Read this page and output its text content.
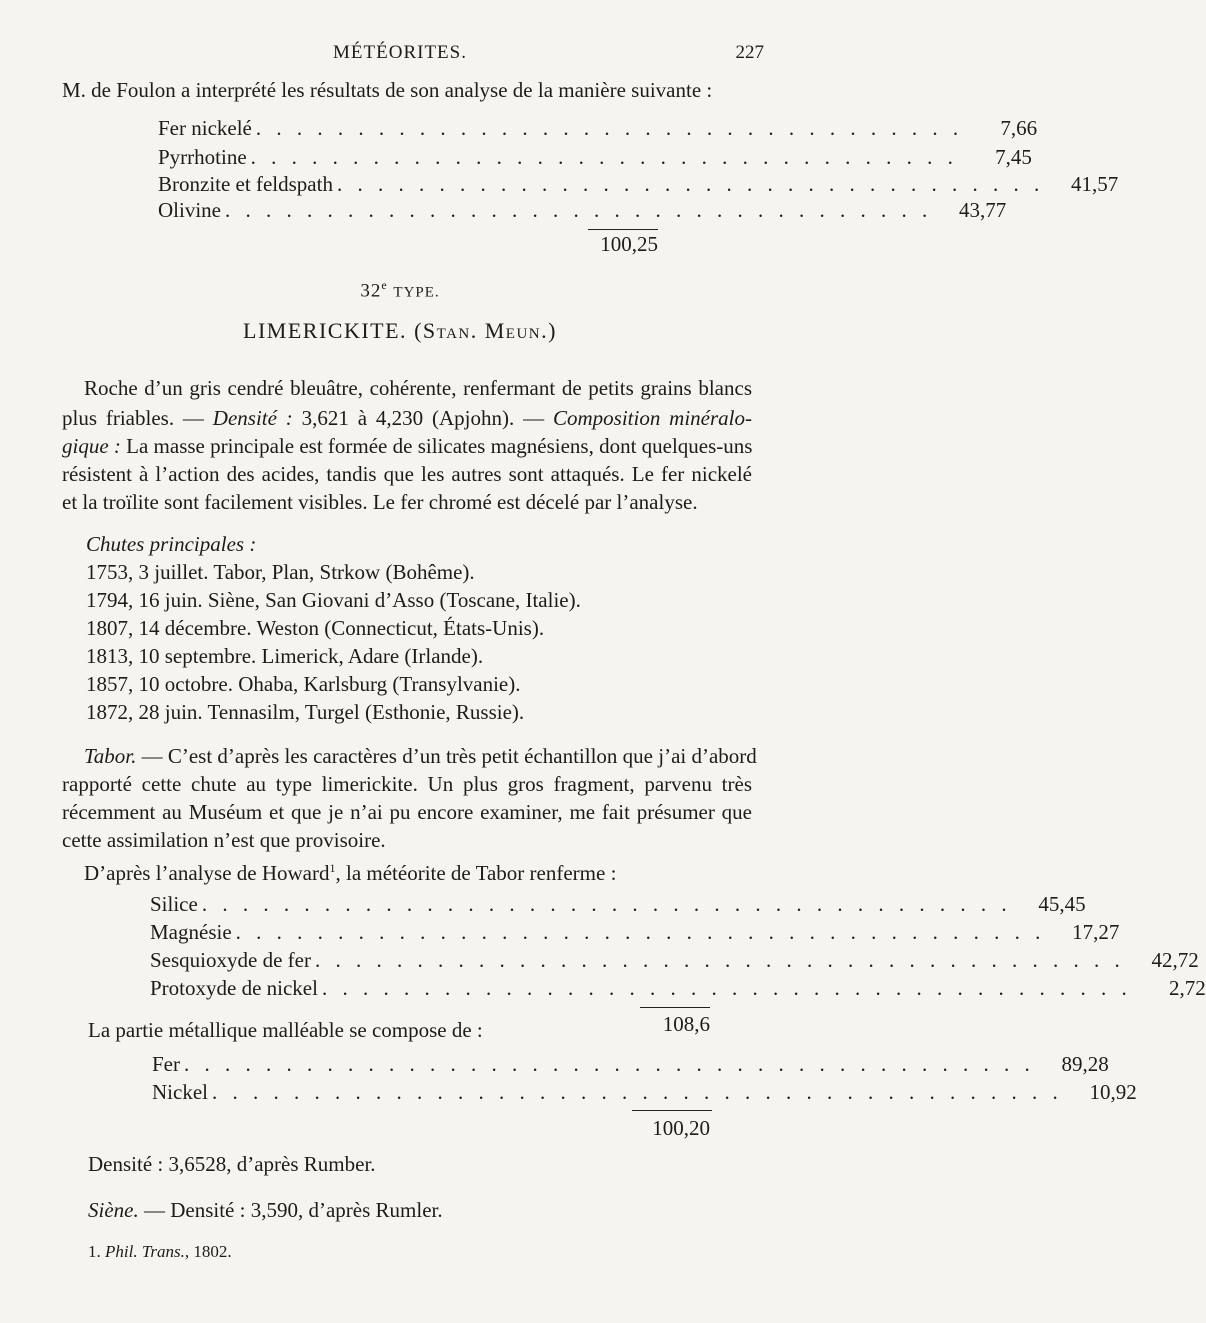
MÉTÉORITES.	227
M. de Foulon a interprété les résultats de son analyse de la manière suivante :
Fer nickelé . . . . . . . . . . . . . . . . . . . . . . . . . . . . . . . . . . .	7,66
Pyrrhotine . . . . . . . . . . . . . . . . . . . . . . . . . . . . . . . . . . .	7,45
Bronzite et feldspath . . . . . . . . . . . . . . . . . . . . . . . . . . . . . . . . . . .	41,57
Olivine . . . . . . . . . . . . . . . . . . . . . . . . . . . . . . . . . . .	43,77
100,25
32e TYPE.
LIMERICKITE. (Stan. Meun.)
Roche d’un gris cendré bleuâtre, cohérente, renfermant de petits grains blancs
plus friables. — Densité : 3,621 à 4,230 (Apjohn). — Composition minéralo-
gique : La masse principale est formée de silicates magnésiens, dont quelques-uns
résistent à l’action des acides, tandis que les autres sont attaqués. Le fer nickelé
et la troïlite sont facilement visibles. Le fer chromé est décelé par l’analyse.
Chutes principales :
1753, 3 juillet. Tabor, Plan, Strkow (Bohême).
1794, 16 juin. Siène, San Giovani d’Asso (Toscane, Italie).
1807, 14 décembre. Weston (Connecticut, États-Unis).
1813, 10 septembre. Limerick, Adare (Irlande).
1857, 10 octobre. Ohaba, Karlsburg (Transylvanie).
1872, 28 juin. Tennasilm, Turgel (Esthonie, Russie).
Tabor. — C’est d’après les caractères d’un très petit échantillon que j’ai d’abord
rapporté cette chute au type limerickite. Un plus gros fragment, parvenu très
récemment au Muséum et que je n’ai pu encore examiner, me fait présumer que
cette assimilation n’est que provisoire.
D’après l’analyse de Howard$^1$, la météorite de Tabor renferme :
Silice . . . . . . . . . . . . . . . . . . . . . . . . . . . . . . . . . . . . . . . .	45,45
Magnésie . . . . . . . . . . . . . . . . . . . . . . . . . . . . . . . . . . . . . . . .	17,27
Sesquioxyde de fer . . . . . . . . . . . . . . . . . . . . . . . . . . . . . . . . . . . . . . . .	42,72
Protoxyde de nickel . . . . . . . . . . . . . . . . . . . . . . . . . . . . . . . . . . . . . . . .	2,72
108,6
La partie métallique malléable se compose de :
Fer . . . . . . . . . . . . . . . . . . . . . . . . . . . . . . . . . . . . . . . . . .	89,28
Nickel . . . . . . . . . . . . . . . . . . . . . . . . . . . . . . . . . . . . . . . . . .	10,92
100,20
Densité : 3,6528, d’après Rumber.
Siène. — Densité : 3,590, d’après Rumler.
1. Phil. Trans., 1802.
